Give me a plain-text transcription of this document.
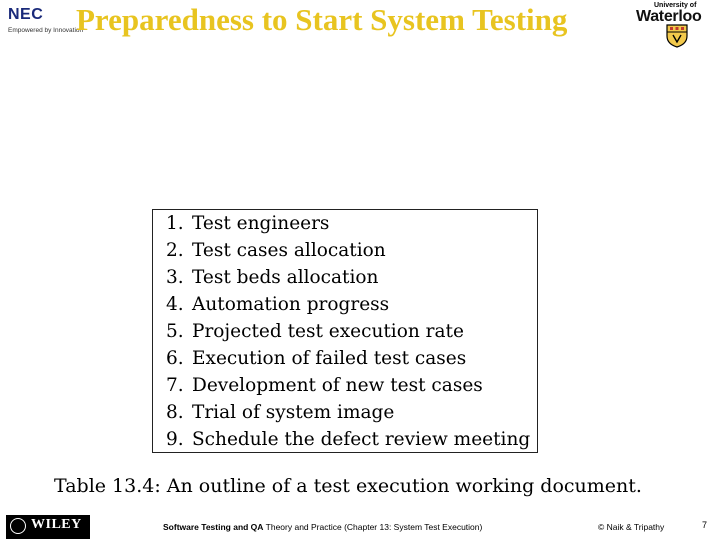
NEC
Empowered by Innovation
Preparedness to Start System Testing	University of
Waterloo
1. Test engineers
2. Test cases allocation
3. Test beds allocation
4. Automation progress
5. Projected test execution rate
6. Execution of failed test cases
7. Development of new test cases
8. Trial of system image
9. Schedule the defect review meeting
Table 13.4: An outline of a test execution working document.
WILEY	Software Testing and QA Theory and Practice (Chapter 13: System Test Execution)	© Naik & Tripathy	7
